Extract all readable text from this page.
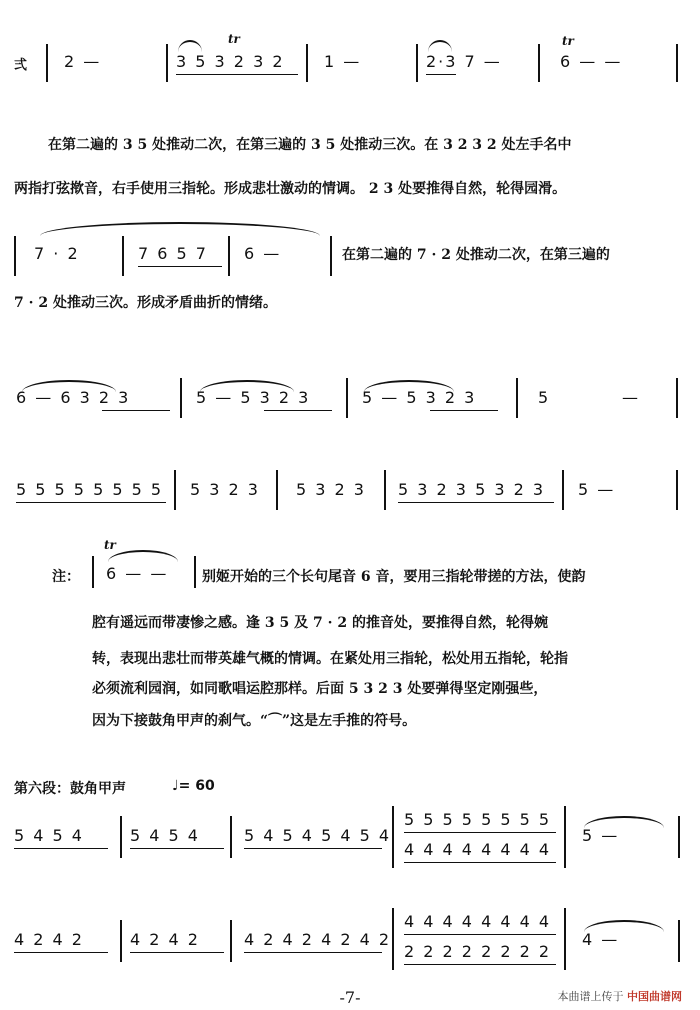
弍 2 —
tr
3 5 3 2 3 2 1 —	2·3 7 —
tr
6 — —
在第二遍的 3 5 处推动二次，在第三遍的 3 5 处推动三次。在 3 2 3 2 处左手名中
两指打弦揿音，右手使用三指轮。形成悲壮激动的情调。 2 3 处要推得自然，轮得园滑。
7 · 2	7 6 5 7 6 —	在第二遍的 7 · 2 处推动二次，在第三遍的
7 · 2 处推动三次。形成矛盾曲折的情绪。
6 — 6 3 2 3	5 — 5 3 2 3	5 — 5 3 2 3	5	—
5 5 5 5 5 5 5 5 5 3 2 3 5 3 2 3 5 3 2 3 5 3 2 3 5 —
注：
tr
6 — — 别姬开始的三个长句尾音 6 音，要用三指轮带搓的方法，使韵
腔有遥远而带凄惨之感。逢 3 5 及 7 · 2 的推音处，要推得自然，轮得婉
转，表现出悲壮而带英雄气概的情调。在紧处用三指轮，松处用五指轮，轮指
必须流利园润，如同歌唱运腔那样。后面 5 3 2 3 处要弹得坚定刚强些，
因为下接鼓角甲声的刹气。“⌒”这是左手推的符号。
第六段：鼓角甲声	♩= 60
5 4 5 4	5 4 5 4	5 4 5 4 5 4 5 4
5 5 5 5 5 5 5 5
4 4 4 4 4 4 4 4
5 —
4 2 4 2	4 2 4 2	4 2 4 2 4 2 4 2
4 4 4 4 4 4 4 4
2 2 2 2 2 2 2 2
4 —
-7-	本曲谱上传于 中国曲谱网
